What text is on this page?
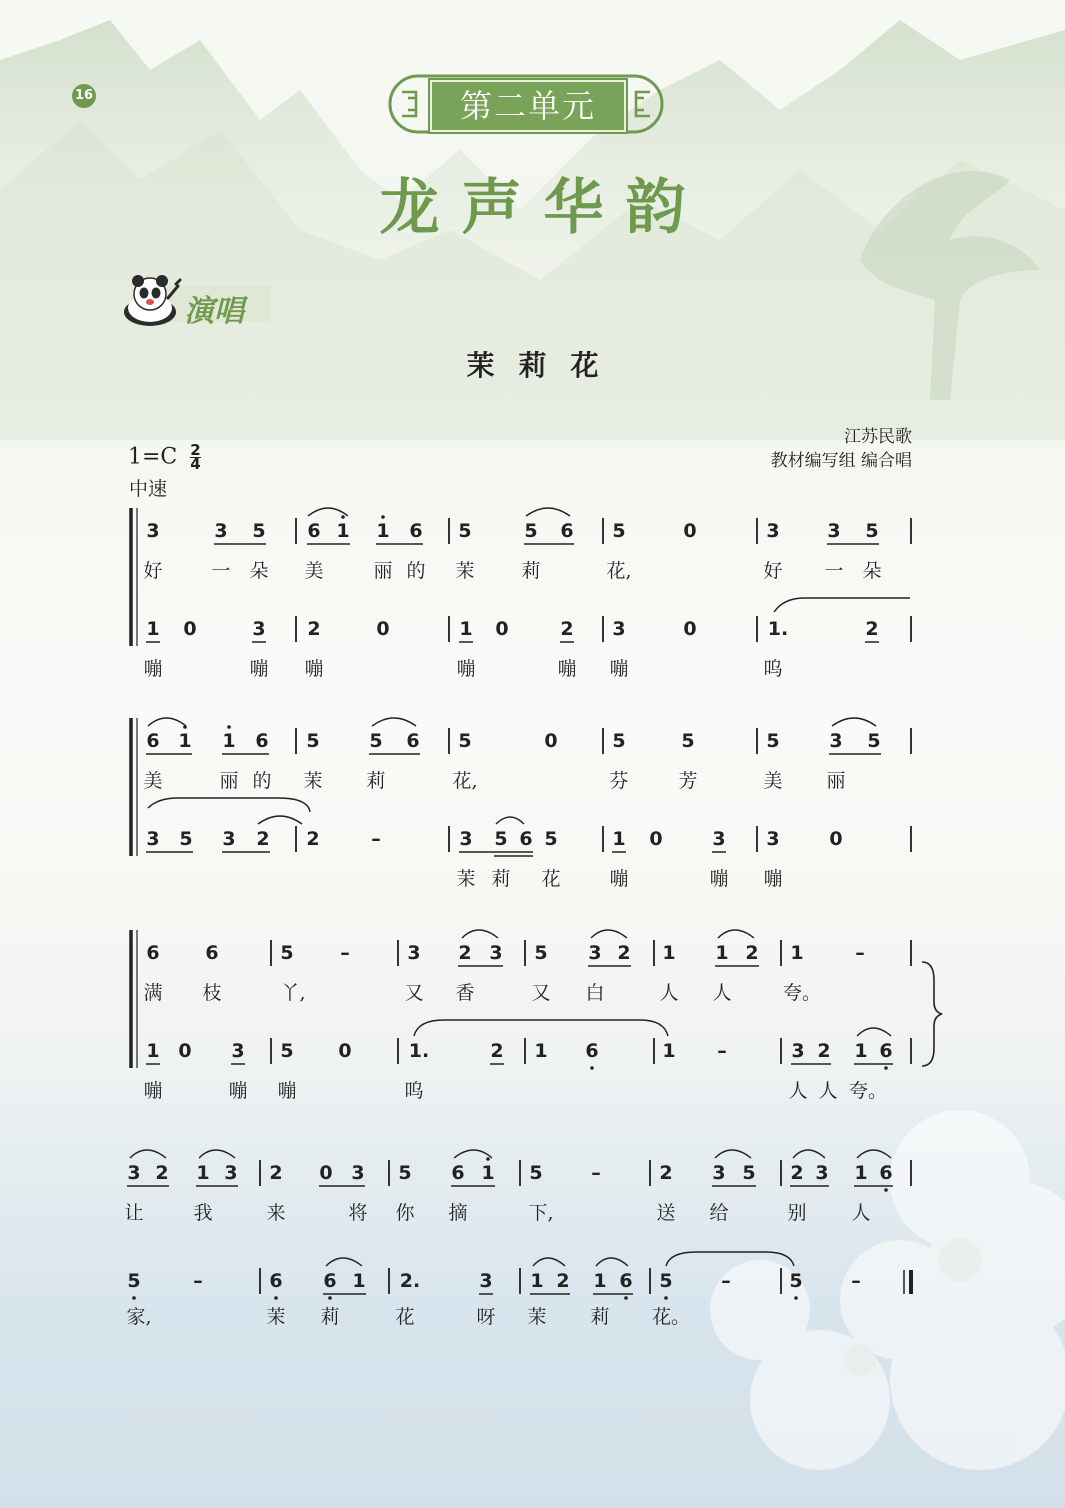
16	第二单元
龙声华韵
演唱
茉莉花
江苏民歌
教材编写组 编合唱
$1=C \frac{2}{4}$
中速
3	3 5 6 1 1 6 5	5 6 5	0	3	3 5
好	一 朵 美	丽 的 茉 莉	花,	好 一 朵
1 0	3 2	0	1 0	2 3	0	1.	2
嘣	嘣 嘣	嘣	嘣 嘣	呜
6 1 1 6 5	5 6 5	0	5	5	5	3 5
美	丽 的 茉 莉	花,	芬	芳	美 丽
3 5 3 2 2	–	3 5 6 5	1 0	3 3	0
茉 莉 花	嘣	嘣 嘣
6 6	5 –	3 2 3 5 3 2 1 1 2 1	–
满 枝	丫,	又 香	又 白	人 人	夸。
1 0 3 5 0	1.	2 1 6	1 –	3 2 1 6
嘣	嘣 嘣	呜	人 人 夸。
3 2 1 3 2 0 3 5 6 1 5	–	2 3 5 2 3 1 6
让	我	来	将 你 摘	下,	送 给	别 人
5	–	6 6 1 2.	3 1 2 1 6 5	–	5	–
家,	茉 莉	花	呀 茉 莉 花。
